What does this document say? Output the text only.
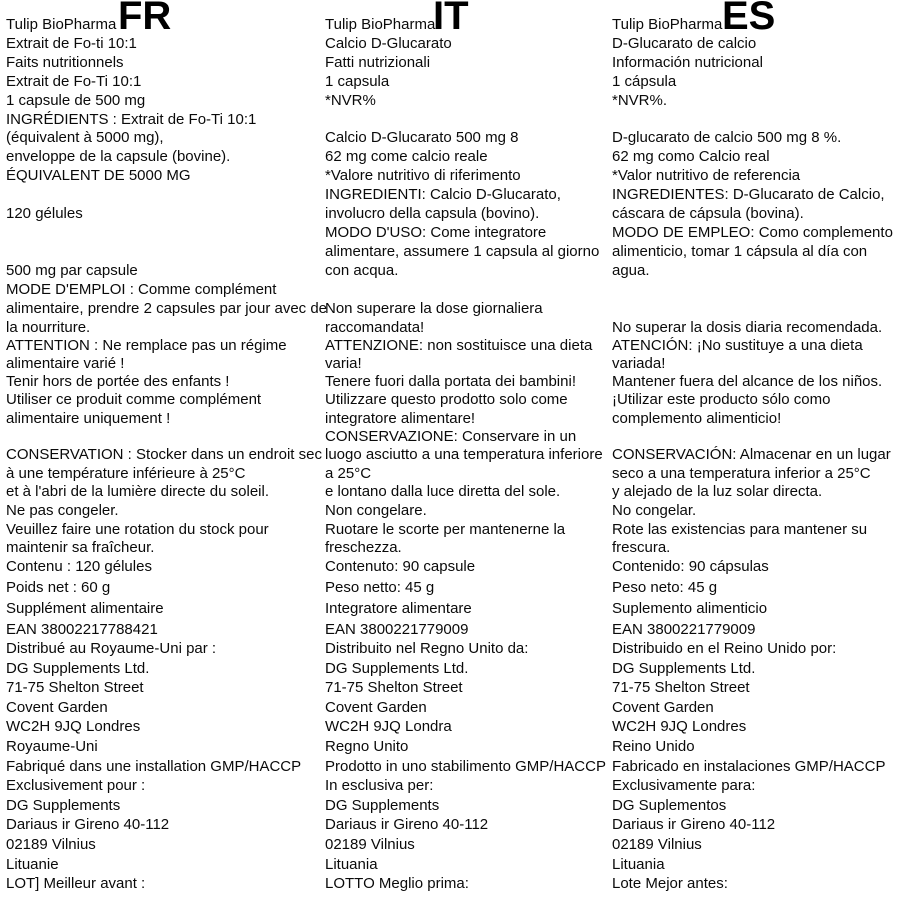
FR
Tulip BioPharma
Extrait de Fo-ti 10:1
Faits nutritionnels
Extrait de Fo-Ti 10:1
1 capsule de 500 mg
INGRÉDIENTS : Extrait de Fo-Ti 10:1
(équivalent à 5000 mg),
enveloppe de la capsule (bovine).
ÉQUIVALENT DE 5000 MG
120 gélules
500 mg par capsule
MODE D'EMPLOI : Comme complément
alimentaire, prendre 2 capsules par jour avec de
la nourriture.
ATTENTION : Ne remplace pas un régime
alimentaire varié !
Tenir hors de portée des enfants !
Utiliser ce produit comme complément
alimentaire uniquement !
CONSERVATION : Stocker dans un endroit sec
à une température inférieure à 25°C
et à l'abri de la lumière directe du soleil.
Ne pas congeler.
Veuillez faire une rotation du stock pour
maintenir sa fraîcheur.
Contenu : 120 gélules
Poids net : 60 g
Supplément alimentaire
EAN 38002217788421
Distribué au Royaume-Uni par :
DG Supplements Ltd.
71-75 Shelton Street
Covent Garden
WC2H 9JQ Londres
Royaume-Uni
Fabriqué dans une installation GMP/HACCP
Exclusivement pour :
DG Supplements
Dariaus ir Gireno 40-112
02189 Vilnius
Lituanie
LOT] Meilleur avant :
IT
Tulip BioPharma
Calcio D-Glucarato
Fatti nutrizionali
1 capsula
*NVR%
Calcio D-Glucarato 500 mg 8
62 mg come calcio reale
*Valore nutritivo di riferimento
INGREDIENTI: Calcio D-Glucarato,
involucro della capsula (bovino).
MODO D'USO: Come integratore
alimentare, assumere 1 capsula al giorno
con acqua.
Non superare la dose giornaliera
raccomandata!
ATTENZIONE: non sostituisce una dieta
varia!
Tenere fuori dalla portata dei bambini!
Utilizzare questo prodotto solo come
integratore alimentare!
CONSERVAZIONE: Conservare in un
luogo asciutto a una temperatura inferiore
a 25°C
e lontano dalla luce diretta del sole.
Non congelare.
Ruotare le scorte per mantenerne la
freschezza.
Contenuto: 90 capsule
Peso netto: 45 g
Integratore alimentare
EAN 3800221779009
Distribuito nel Regno Unito da:
DG Supplements Ltd.
71-75 Shelton Street
Covent Garden
WC2H 9JQ Londra
Regno Unito
Prodotto in uno stabilimento GMP/HACCP
In esclusiva per:
DG Supplements
Dariaus ir Gireno 40-112
02189 Vilnius
Lituania
LOTTO Meglio prima:
ES
Tulip BioPharma
D-Glucarato de calcio
Información nutricional
1 cápsula
*NVR%.
D-glucarato de calcio 500 mg 8 %.
62 mg como Calcio real
*Valor nutritivo de referencia
INGREDIENTES: D-Glucarato de Calcio,
cáscara de cápsula (bovina).
MODO DE EMPLEO: Como complemento
alimenticio, tomar 1 cápsula al día con
agua.
No superar la dosis diaria recomendada.
ATENCIÓN: ¡No sustituye a una dieta
variada!
Mantener fuera del alcance de los niños.
¡Utilizar este producto sólo como
complemento alimenticio!
CONSERVACIÓN: Almacenar en un lugar
seco a una temperatura inferior a 25°C
y alejado de la luz solar directa.
No congelar.
Rote las existencias para mantener su
frescura.
Contenido: 90 cápsulas
Peso neto: 45 g
Suplemento alimenticio
EAN 3800221779009
Distribuido en el Reino Unido por:
DG Supplements Ltd.
71-75 Shelton Street
Covent Garden
WC2H 9JQ Londres
Reino Unido
Fabricado en instalaciones GMP/HACCP
Exclusivamente para:
DG Suplementos
Dariaus ir Gireno 40-112
02189 Vilnius
Lituania
Lote Mejor antes:
